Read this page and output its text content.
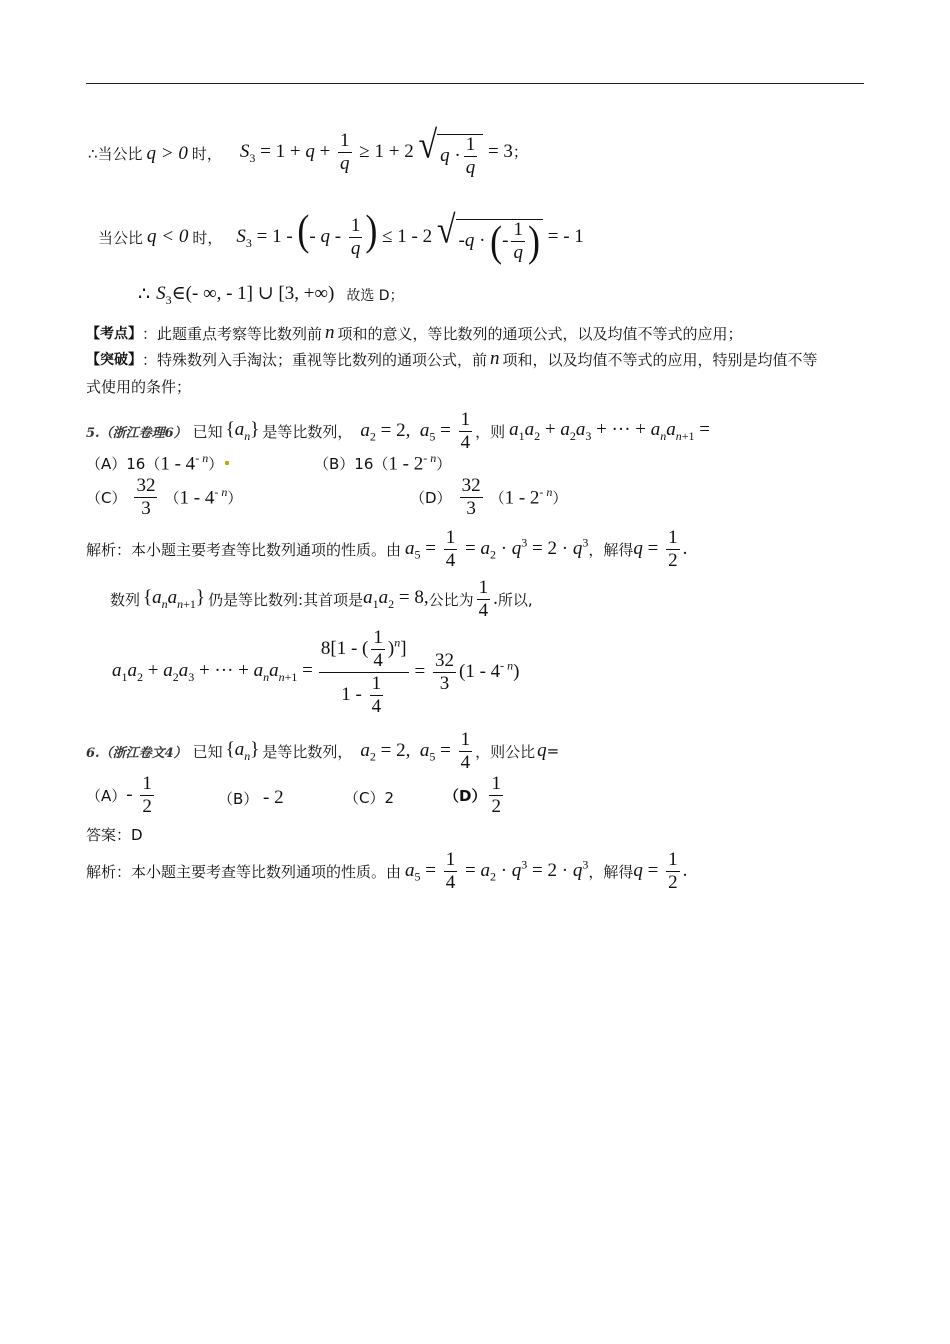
∴当公比 q > 0 时， $S_3 = 1 + q + \frac{1}{q} \ge 1 + 2$ √ $q \cdot \frac{1}{q} = 3$；
当公比 q < 0 时， $S_3 = 1$ - (- q - $\frac{1}{q}$ ) ≤ 1 - 2 √ - q · ( - $\frac{1}{q}$ ) = - 1
∴ $S_3\in(-$ ∞, - 1] ∪ [3, +∞) 故选 D；
【考点】 ：此题重点考察等比数列前 n 项和的意义，等比数列的通项公式，以及均值不等式的应用；
【突破】 ：特殊数列入手淘汰；重视等比数列的通项公式，前 n 项和，以及均值不等式的应用，特别是均值不等
式使用的条件；
5.（浙江卷理6） 已知 $\{a_n\}$ 是等比数列， $a_2 = 2$,  $a_5 = \frac{1}{4}$ ，则 $a_1a_2 + a_2a_3$ + ··· + $a_na_{n+1}$ =
（A）16（ $1 - 4^{- n}$ ）	（B）16（ $1 - 2^{- n}$ ）
$(C) \frac{32}{3}$ （ $1 - 4^{- n}$ ）	$(D) \frac{32}{3}$ （ $1 - 2^{- n}$ ）
解析：本小题主要考查等比数列通项的性质。由 $a_5 = \frac{1}{4} = a_2 \cdot q^3 = 2 \cdot q^3$ ，解得 $q = \frac{1}{2}$ .
数列 $\{a_na_{n+1}\}$ 仍是等比数列:其首项是 $a_1a_2 = 8$, 公比为 $\frac{1}{4}$ . 所以,
$a_1a_2 + a_2a_3$ + ··· + $a_na_{n+1} = \frac{8[1 - ( \frac{1}{4} )^n]}{1 - \frac{1}{4}} = \frac{32}{3} (1 - 4^{- n})$
6.（浙江卷文4） 已知 $\{a_n\}$ 是等比数列， $a_2 = 2$,  $a_5 = \frac{1}{4}$ ，则公比 q =
$(A) - \frac{1}{2}$	（B） - 2	（C）2	$(D) \frac{1}{2}$
答案：D
解析：本小题主要考查等比数列通项的性质。由 $a_5 = \frac{1}{4} = a_2 \cdot q^3 = 2 \cdot q^3$ ，解得 $q = \frac{1}{2}$ .
